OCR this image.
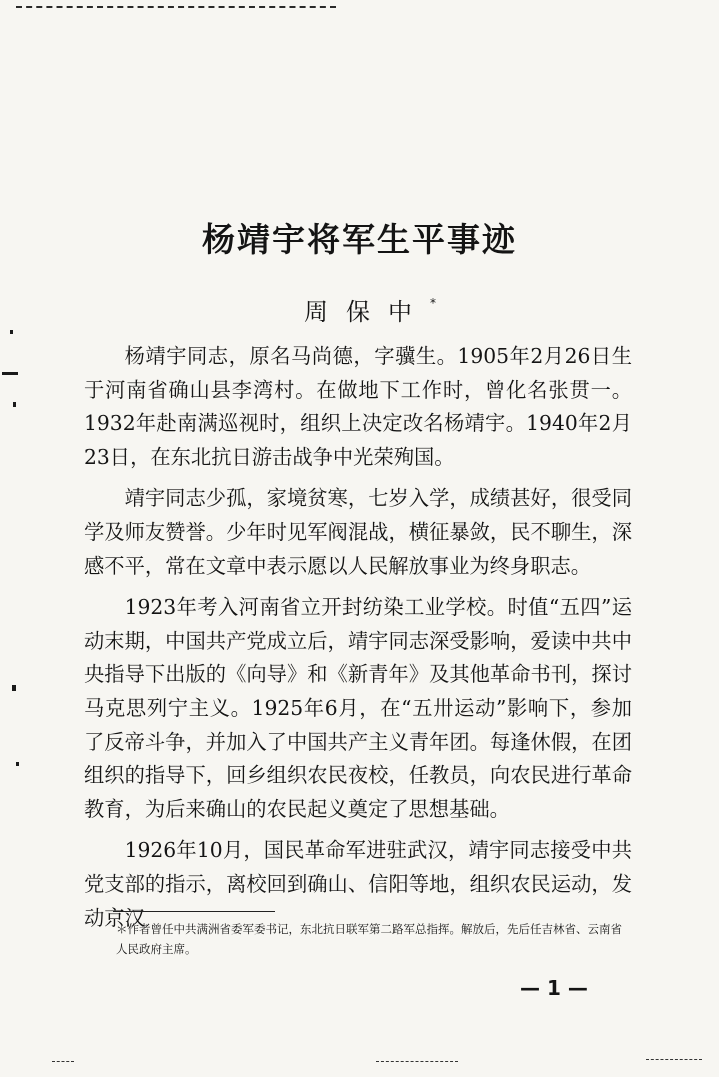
杨靖宇将军生平事迹
周保中*

杨靖宇同志，原名马尚德，字骥生。1905年2月26日生于河南省确山县李湾村。在做地下工作时，曾化名张贯一。1932年赴南满巡视时，组织上决定改名杨靖宇。1940年2月23日，在东北抗日游击战争中光荣殉国。

靖宇同志少孤，家境贫寒，七岁入学，成绩甚好，很受同学及师友赞誉。少年时见军阀混战，横征暴敛，民不聊生，深感不平，常在文章中表示愿以人民解放事业为终身职志。

1923年考入河南省立开封纺染工业学校。时值“五四”运动末期，中国共产党成立后，靖宇同志深受影响，爱读中共中央指导下出版的《向导》和《新青年》及其他革命书刊，探讨马克思列宁主义。1925年6月，在“五卅运动”影响下，参加了反帝斗争，并加入了中国共产主义青年团。每逢休假，在团组织的指导下，回乡组织农民夜校，任教员，向农民进行革命教育，为后来确山的农民起义奠定了思想基础。

1926年10月，国民革命军进驻武汉，靖宇同志接受中共党支部的指示，离校回到确山、信阳等地，组织农民运动，发动京汉

＊作者曾任中共满洲省委军委书记，东北抗日联军第二路军总指挥。解放后，先后任吉林省、云南省人民政府主席。
— 1 —
